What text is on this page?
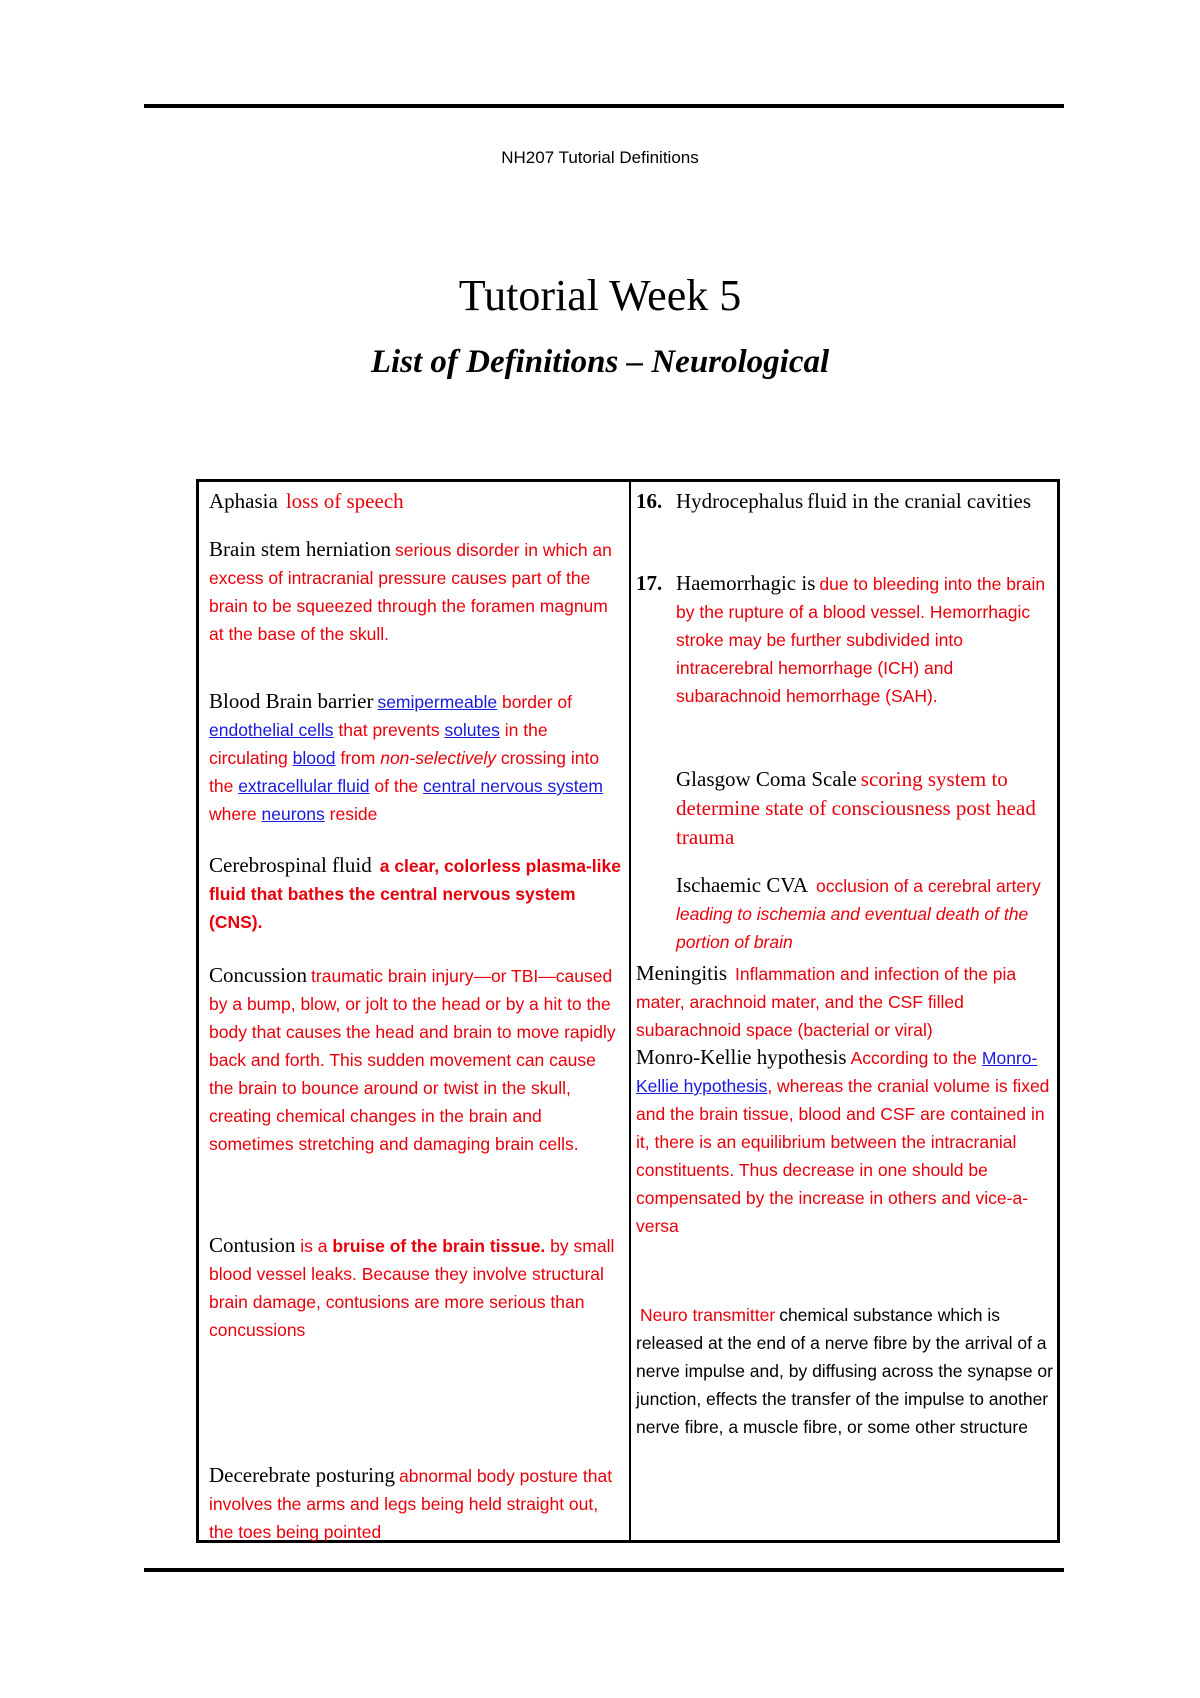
NH207 Tutorial Definitions
Tutorial Week 5
List of Definitions – Neurological
Aphasia loss of speech
Brain stem herniation serious disorder in which an excess of intracranial pressure causes part of the brain to be squeezed through the foramen magnum at the base of the skull.
Blood Brain barrier semipermeable border of endothelial cells that prevents solutes in the circulating blood from non-selectively crossing into the extracellular fluid of the central nervous system where neurons reside
Cerebrospinal fluid a clear, colorless plasma-like fluid that bathes the central nervous system (CNS).
Concussion traumatic brain injury—or TBI—caused by a bump, blow, or jolt to the head or by a hit to the body that causes the head and brain to move rapidly back and forth. This sudden movement can cause the brain to bounce around or twist in the skull, creating chemical changes in the brain and sometimes stretching and damaging brain cells.
Contusion is a bruise of the brain tissue. by small blood vessel leaks. Because they involve structural brain damage, contusions are more serious than concussions
Decerebrate posturing abnormal body posture that involves the arms and legs being held straight out, the toes being pointed
16. Hydrocephalus fluid in the cranial cavities
17. Haemorrhagic is due to bleeding into the brain by the rupture of a blood vessel. Hemorrhagic stroke may be further subdivided into intracerebral hemorrhage (ICH) and subarachnoid hemorrhage (SAH).
Glasgow Coma Scale scoring system to determine state of consciousness post head trauma
Ischaemic CVA occlusion of a cerebral artery leading to ischemia and eventual death of the portion of brain
Meningitis Inflammation and infection of the pia mater, arachnoid mater, and the CSF filled subarachnoid space (bacterial or viral)
Monro-Kellie hypothesis According to the Monro-Kellie hypothesis, whereas the cranial volume is fixed and the brain tissue, blood and CSF are contained in it, there is an equilibrium between the intracranial constituents. Thus decrease in one should be compensated by the increase in others and vice-a-versa
Neuro transmitter chemical substance which is released at the end of a nerve fibre by the arrival of a nerve impulse and, by diffusing across the synapse or junction, effects the transfer of the impulse to another nerve fibre, a muscle fibre, or some other structure
